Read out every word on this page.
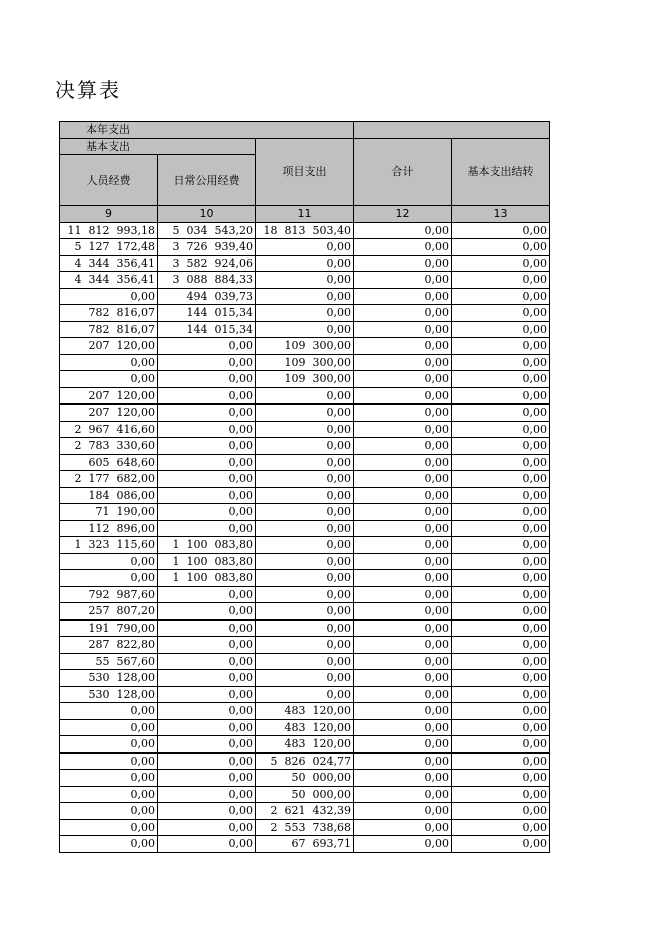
决算表
本年支出				
基本支出		项目支出	合计	基本支出结转
人员经费	日常公用经费			
9	10	11	12	13
11  812  993,18	5  034  543,20	18  813  503,40	0,00	0,00
5  127  172,48	3  726  939,40	0,00	0,00	0,00
4  344  356,41	3  582  924,06	0,00	0,00	0,00
4  344  356,41	3  088  884,33	0,00	0,00	0,00
0,00	494  039,73	0,00	0,00	0,00
782  816,07	144  015,34	0,00	0,00	0,00
782  816,07	144  015,34	0,00	0,00	0,00
207  120,00	0,00	109  300,00	0,00	0,00
0,00	0,00	109  300,00	0,00	0,00
0,00	0,00	109  300,00	0,00	0,00
207  120,00	0,00	0,00	0,00	0,00
207  120,00	0,00	0,00	0,00	0,00
2  967  416,60	0,00	0,00	0,00	0,00
2  783  330,60	0,00	0,00	0,00	0,00
605  648,60	0,00	0,00	0,00	0,00
2  177  682,00	0,00	0,00	0,00	0,00
184  086,00	0,00	0,00	0,00	0,00
71  190,00	0,00	0,00	0,00	0,00
112  896,00	0,00	0,00	0,00	0,00
1  323  115,60	1  100  083,80	0,00	0,00	0,00
0,00	1  100  083,80	0,00	0,00	0,00
0,00	1  100  083,80	0,00	0,00	0,00
792  987,60	0,00	0,00	0,00	0,00
257  807,20	0,00	0,00	0,00	0,00
191  790,00	0,00	0,00	0,00	0,00
287  822,80	0,00	0,00	0,00	0,00
55  567,60	0,00	0,00	0,00	0,00
530  128,00	0,00	0,00	0,00	0,00
530  128,00	0,00	0,00	0,00	0,00
0,00	0,00	483  120,00	0,00	0,00
0,00	0,00	483  120,00	0,00	0,00
0,00	0,00	483  120,00	0,00	0,00
0,00	0,00	5  826  024,77	0,00	0,00
0,00	0,00	50  000,00	0,00	0,00
0,00	0,00	50  000,00	0,00	0,00
0,00	0,00	2  621  432,39	0,00	0,00
0,00	0,00	2  553  738,68	0,00	0,00
0,00	0,00	67  693,71	0,00	0,00
